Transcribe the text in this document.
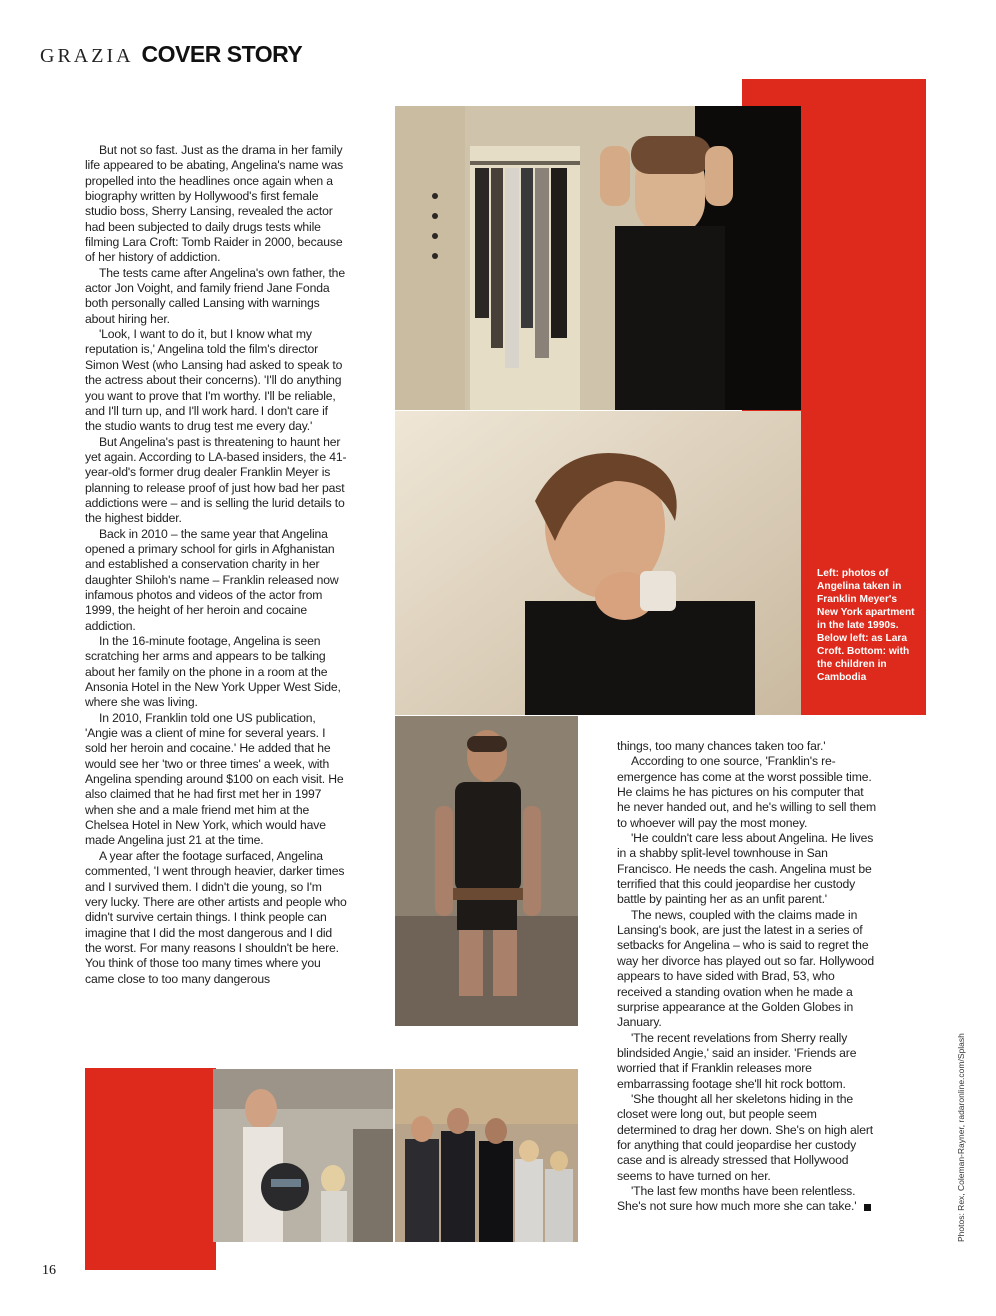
GRAZIA COVER STORY
Left: photos of Angelina taken in Franklin Meyer's New York apartment in the late 1990s. Below left: as Lara Croft. Bottom: with the children in Cambodia

But not so fast. Just as the drama in her family life appeared to be abating, Angelina's name was propelled into the headlines once again when a biography written by Hollywood's first female studio boss, Sherry Lansing, revealed the actor had been subjected to daily drugs tests while filming Lara Croft: Tomb Raider in 2000, because of her history of addiction.

The tests came after Angelina's own father, the actor Jon Voight, and family friend Jane Fonda both personally called Lansing with warnings about hiring her.

'Look, I want to do it, but I know what my reputation is,' Angelina told the film's director Simon West (who Lansing had asked to speak to the actress about their concerns). 'I'll do anything you want to prove that I'm worthy. I'll be reliable, and I'll turn up, and I'll work hard. I don't care if the studio wants to drug test me every day.'

But Angelina's past is threatening to haunt her yet again. According to LA-based insiders, the 41-year-old's former drug dealer Franklin Meyer is planning to release proof of just how bad her past addictions were – and is selling the lurid details to the highest bidder.

Back in 2010 – the same year that Angelina opened a primary school for girls in Afghanistan and established a conservation charity in her daughter Shiloh's name – Franklin released now infamous photos and videos of the actor from 1999, the height of her heroin and cocaine addiction.

In the 16-minute footage, Angelina is seen scratching her arms and appears to be talking about her family on the phone in a room at the Ansonia Hotel in the New York Upper West Side, where she was living.

In 2010, Franklin told one US publication, 'Angie was a client of mine for several years. I sold her heroin and cocaine.' He added that he would see her 'two or three times' a week, with Angelina spending around $100 on each visit. He also claimed that he had first met her in 1997 when she and a male friend met him at the Chelsea Hotel in New York, which would have made Angelina just 21 at the time.

A year after the footage surfaced, Angelina commented, 'I went through heavier, darker times and I survived them. I didn't die young, so I'm very lucky. There are other artists and people who didn't survive certain things. I think people can imagine that I did the most dangerous and I did the worst. For many reasons I shouldn't be here. You think of those too many times where you came close to too many dangerous

things, too many chances taken too far.'

According to one source, 'Franklin's re-emergence has come at the worst possible time. He claims he has pictures on his computer that he never handed out, and he's willing to sell them to whoever will pay the most money.

'He couldn't care less about Angelina. He lives in a shabby split-level townhouse in San Francisco. He needs the cash. Angelina must be terrified that this could jeopardise her custody battle by painting her as an unfit parent.'

The news, coupled with the claims made in Lansing's book, are just the latest in a series of setbacks for Angelina – who is said to regret the way her divorce has played out so far. Hollywood appears to have sided with Brad, 53, who received a standing ovation when he made a surprise appearance at the Golden Globes in January.

'The recent revelations from Sherry really blindsided Angie,' said an insider. 'Friends are worried that if Franklin releases more embarrassing footage she'll hit rock bottom.

'She thought all her skeletons hiding in the closet were long out, but people seem determined to drag her down. She's on high alert for anything that could jeopardise her custody case and is already stressed that Hollywood seems to have turned on her.

'The last few months have been relentless. She's not sure how much more she can take.'	Photos: Rex, Coleman-Rayner, radaronline.com/Splash
16
